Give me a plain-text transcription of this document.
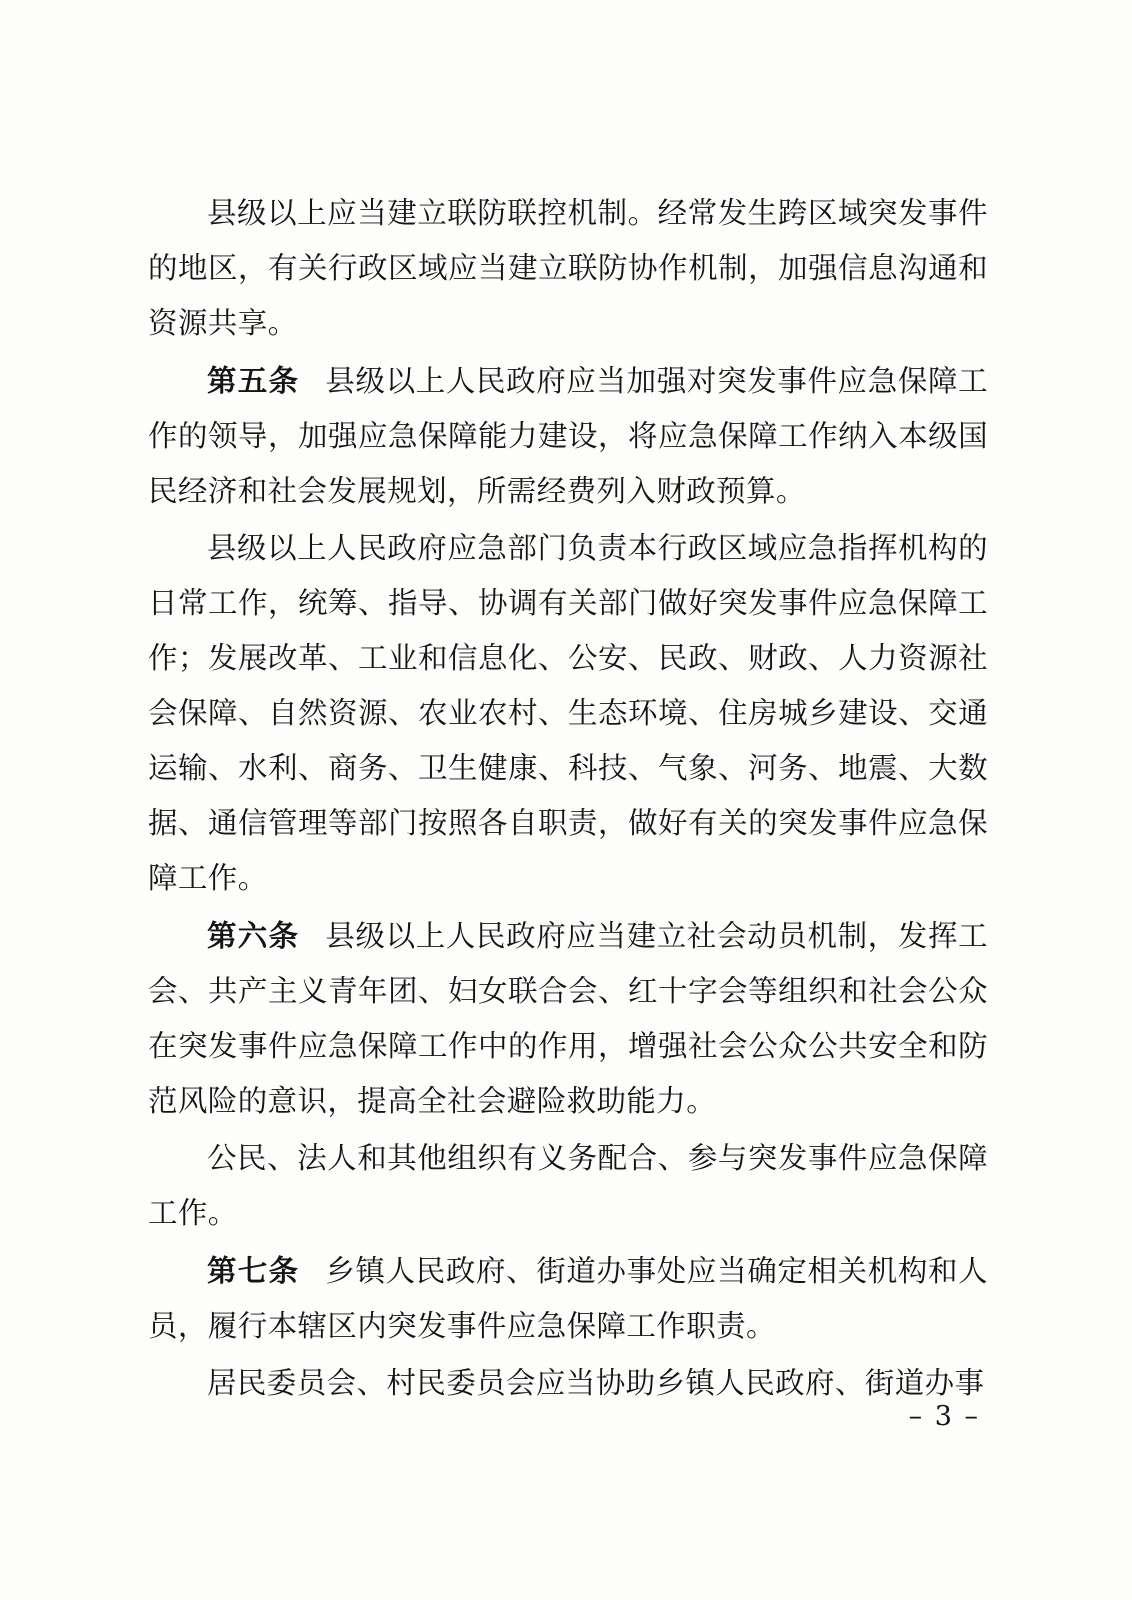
县级以上应当建立联防联控机制。经常发生跨区域突发事件的地区，有关行政区域应当建立联防协作机制，加强信息沟通和资源共享。

第五条 县级以上人民政府应当加强对突发事件应急保障工作的领导，加强应急保障能力建设，将应急保障工作纳入本级国民经济和社会发展规划，所需经费列入财政预算。

县级以上人民政府应急部门负责本行政区域应急指挥机构的日常工作，统筹、指导、协调有关部门做好突发事件应急保障工作；发展改革、工业和信息化、公安、民政、财政、人力资源社会保障、自然资源、农业农村、生态环境、住房城乡建设、交通运输、水利、商务、卫生健康、科技、气象、河务、地震、大数据、通信管理等部门按照各自职责，做好有关的突发事件应急保障工作。

第六条 县级以上人民政府应当建立社会动员机制，发挥工会、共产主义青年团、妇女联合会、红十字会等组织和社会公众在突发事件应急保障工作中的作用，增强社会公众公共安全和防范风险的意识，提高全社会避险救助能力。

公民、法人和其他组织有义务配合、参与突发事件应急保障工作。

第七条 乡镇人民政府、街道办事处应当确定相关机构和人员，履行本辖区内突发事件应急保障工作职责。

居民委员会、村民委员会应当协助乡镇人民政府、街道办事

– 3 –
